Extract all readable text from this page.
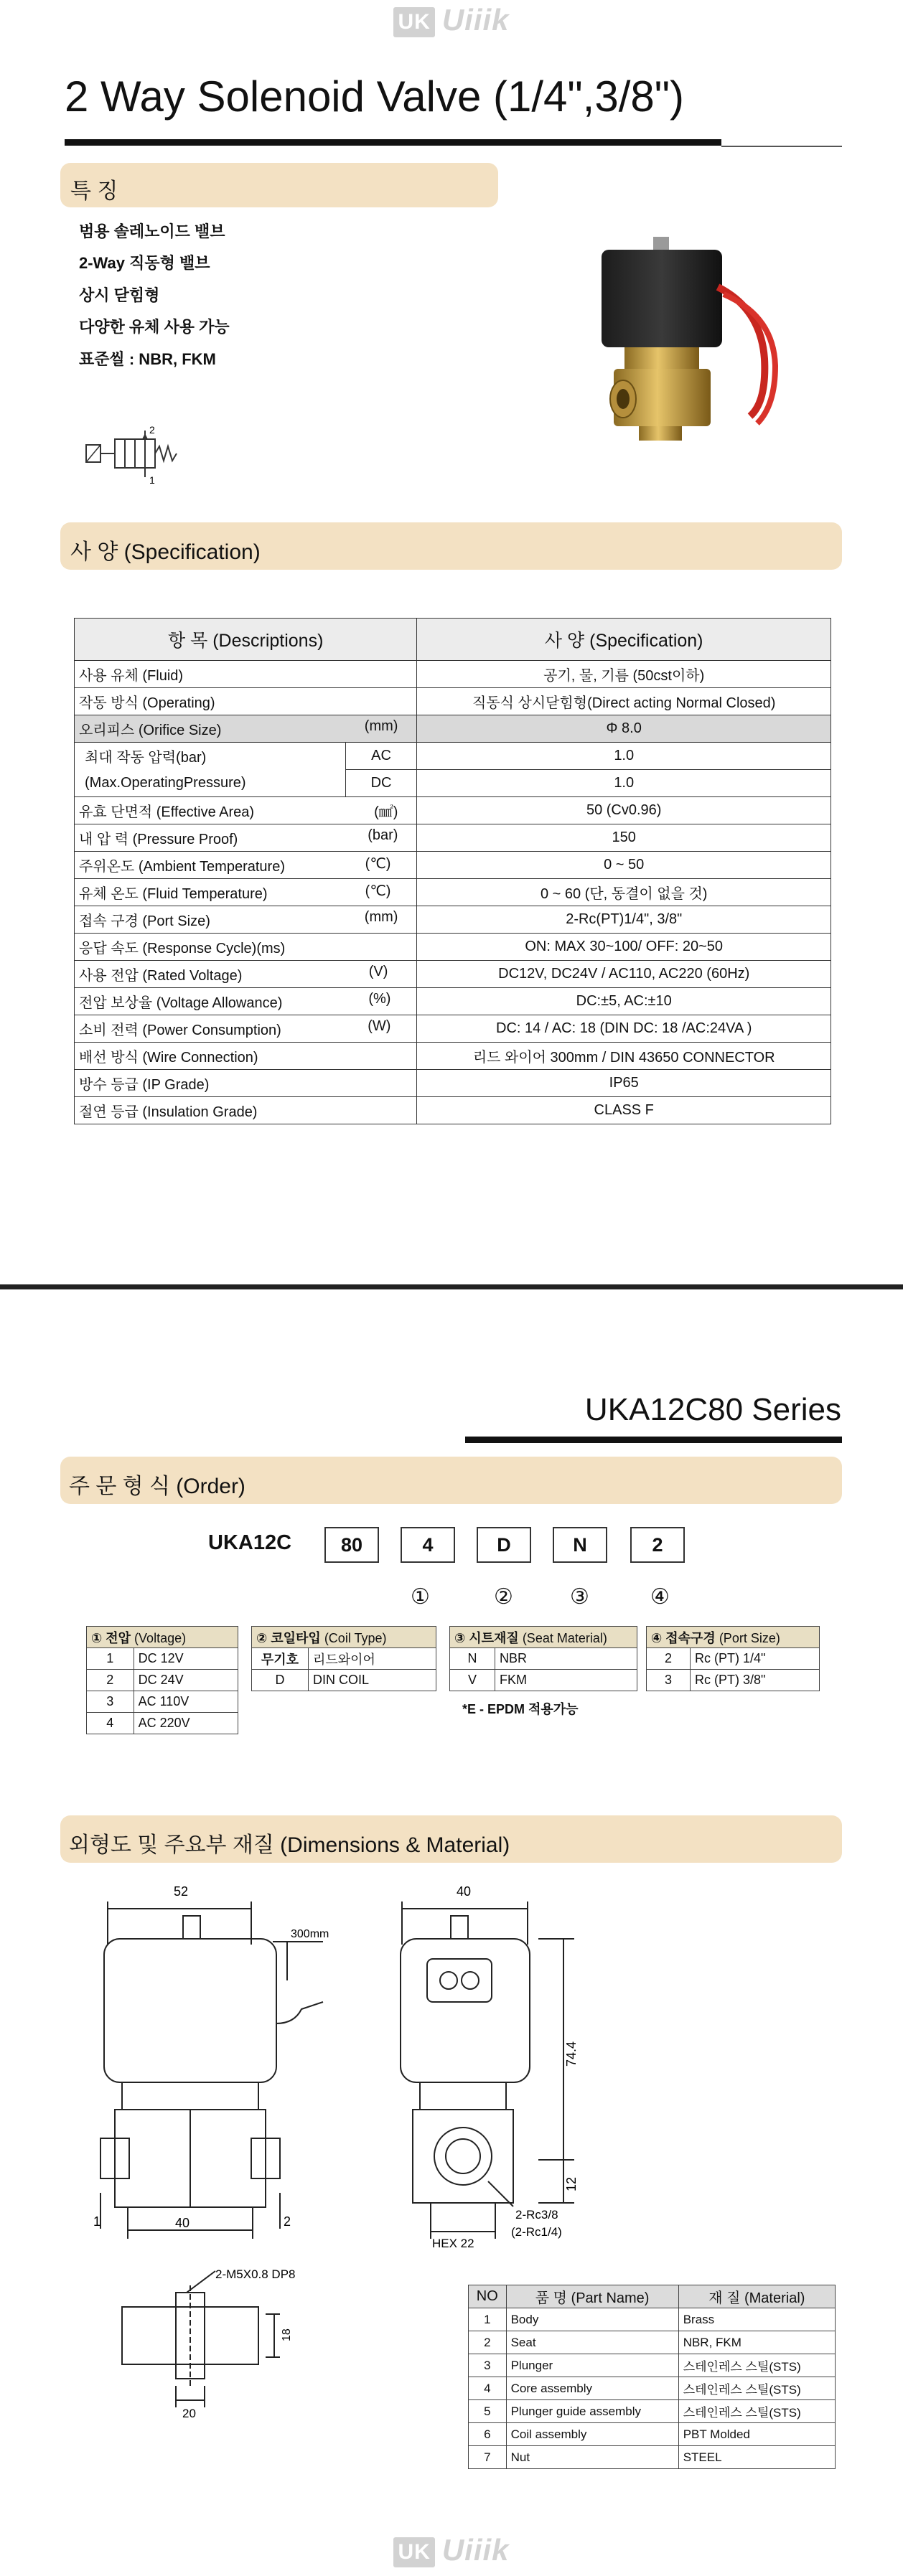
UK Uiiik
2 Way Solenoid Valve (1/4",3/8")
특 징
범용 솔레노이드 밸브
2-Way 직동형 밸브
상시 닫힘형
다양한 유체 사용 가능
표준씰 : NBR, FKM
2
1
사 양 (Specification)
항 목 (Descriptions)		사 양 (Specification)
사용 유체 (Fluid)		공기, 물, 기름 (50cst이하)
작동 방식 (Operating)		직동식 상시닫힘형(Direct acting Normal Closed)
오리피스 (Orifice Size) (mm)		Φ 8.0
최대 작동 압력(bar)	AC	1.0
(Max.OperatingPressure)	DC	1.0
유효 단면적 (Effective Area) (㎟)		50 (Cv0.96)
내 압 력 (Pressure Proof) (bar)		150
주위온도 (Ambient Temperature) (℃)		0 ~ 50
유체 온도 (Fluid Temperature) (℃)		0 ~ 60 (단, 동결이 없을 것)
접속 구경 (Port Size) (mm)		2-Rc(PT)1/4", 3/8"
응답 속도 (Response Cycle)(ms)		ON: MAX 30~100/ OFF: 20~50
사용 전압 (Rated Voltage) (V)		DC12V, DC24V / AC110, AC220 (60Hz)
전압 보상율 (Voltage Allowance) (%)		DC:±5, AC:±10
소비 전력 (Power Consumption) (W)		DC: 14 / AC: 18 (DIN DC: 18 /AC:24VA )
배선 방식 (Wire Connection)		리드 와이어 300mm / DIN 43650 CONNECTOR
방수 등급 (IP Grade)		IP65
절연 등급 (Insulation Grade)		CLASS F
UKA12C80 Series
주 문 형 식 (Order)
UKA12C	80	4	D	N	2
①	②	③	④
① 전압 (Voltage)	
1	DC 12V
2	DC 24V
3	AC 110V
4	AC 220V
② 코일타입 (Coil Type)	
무기호	리드와이어
D	DIN COIL
③ 시트재질 (Seat Material)	
N	NBR
V	FKM
*E - EPDM 적용가능
④ 접속구경 (Port Size)	
2	Rc (PT) 1/4"
3	Rc (PT) 3/8"
외형도 및 주요부 재질 (Dimensions & Material)
52
300mm
40
1	2
40
74.4
12
HEX 22
2-Rc3/8
(2-Rc1/4)
2-M5X0.8 DP8
18
20
NO	품 명 (Part Name)	재 질 (Material)
1	Body	Brass
2	Seat	NBR, FKM
3	Plunger	스테인레스 스틸(STS)
4	Core assembly	스테인레스 스틸(STS)
5	Plunger guide assembly	스테인레스 스틸(STS)
6	Coil assembly	PBT Molded
7	Nut	STEEL
UK Uiiik
